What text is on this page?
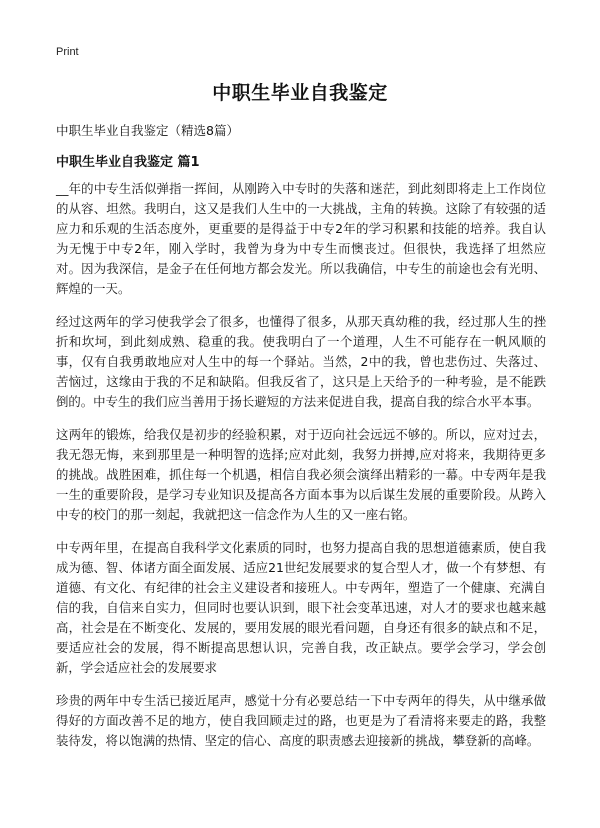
Print
中职生毕业自我鉴定
中职生毕业自我鉴定（精选8篇）
中职生毕业自我鉴定 篇1

__年的中专生活似弹指一挥间，从刚跨入中专时的失落和迷茫，到此刻即将走上工作岗位的从容、坦然。我明白，这又是我们人生中的一大挑战，主角的转换。这除了有较强的适应力和乐观的生活态度外，更重要的是得益于中专2年的学习积累和技能的培养。我自认为无愧于中专2年，刚入学时，我曾为身为中专生而懊丧过。但很快，我选择了坦然应对。因为我深信，是金子在任何地方都会发光。所以我确信，中专生的前途也会有光明、辉煌的一天。

经过这两年的学习使我学会了很多，也懂得了很多，从那天真幼稚的我，经过那人生的挫折和坎坷，到此刻成熟、稳重的我。使我明白了一个道理，人生不可能存在一帆风顺的事，仅有自我勇敢地应对人生中的每一个驿站。当然，2中的我，曾也悲伤过、失落过、苦恼过，这缘由于我的不足和缺陷。但我反省了，这只是上天给予的一种考验，是不能跌倒的。中专生的我们应当善用于扬长避短的方法来促进自我，提高自我的综合水平本事。

这两年的锻炼，给我仅是初步的经验积累，对于迈向社会远远不够的。所以，应对过去，我无怨无悔，来到那里是一种明智的选择;应对此刻，我努力拼搏,应对将来，我期待更多的挑战。战胜困难，抓住每一个机遇，相信自我必须会演绎出精彩的一幕。中专两年是我一生的重要阶段，是学习专业知识及提高各方面本事为以后谋生发展的重要阶段。从跨入中专的校门的那一刻起，我就把这一信念作为人生的又一座右铭。

中专两年里，在提高自我科学文化素质的同时，也努力提高自我的思想道德素质，使自我成为德、智、体诸方面全面发展、适应21世纪发展要求的复合型人才，做一个有梦想、有道德、有文化、有纪律的社会主义建设者和接班人。中专两年，塑造了一个健康、充满自信的我，自信来自实力，但同时也要认识到，眼下社会变革迅速，对人才的要求也越来越高，社会是在不断变化、发展的，要用发展的眼光看问题，自身还有很多的缺点和不足，要适应社会的发展，得不断提高思想认识，完善自我，改正缺点。要学会学习，学会创新，学会适应社会的发展要求

珍贵的两年中专生活已接近尾声，感觉十分有必要总结一下中专两年的得失，从中继承做得好的方面改善不足的地方，使自我回顾走过的路，也更是为了看清将来要走的路，我整装待发，将以饱满的热情、坚定的信心、高度的职责感去迎接新的挑战，攀登新的高峰。
